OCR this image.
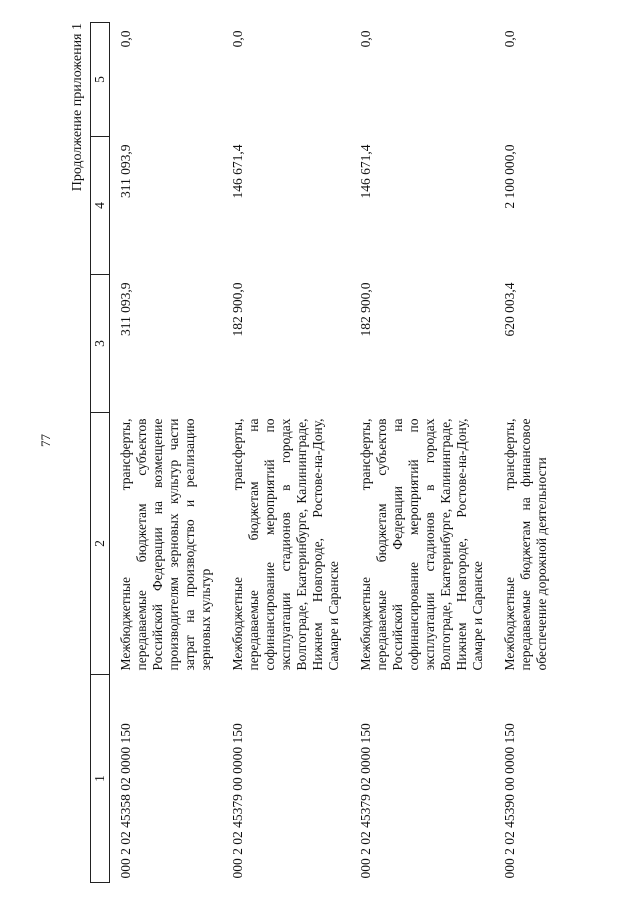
77
Продолжение приложения 1
1	2	3	4	5
000 2 02 45358 02 0000 150	Межбюджетные трансферты, передаваемые бюджетам субъектов Российской Федерации на возмещение производителям зерновых культур части затрат на производство и реализацию зерновых культур	311 093,9	311 093,9	0,0
000 2 02 45379 00 0000 150	Межбюджетные трансферты, передаваемые бюджетам на софинансирование мероприятий по эксплуатации стадионов в городах Волгограде, Екатеринбурге, Калининграде, Нижнем Новгороде, Ростове-на-Дону, Самаре и Саранске	182 900,0	146 671,4	0,0
000 2 02 45379 02 0000 150	Межбюджетные трансферты, передаваемые бюджетам субъектов Российской Федерации на софинансирование мероприятий по эксплуатации стадионов в городах Волгограде, Екатеринбурге, Калининграде, Нижнем Новгороде, Ростове-на-Дону, Самаре и Саранске	182 900,0	146 671,4	0,0
000 2 02 45390 00 0000 150	Межбюджетные трансферты, передаваемые бюджетам на финансовое обеспечение дорожной деятельности	620 003,4	2 100 000,0	0,0
